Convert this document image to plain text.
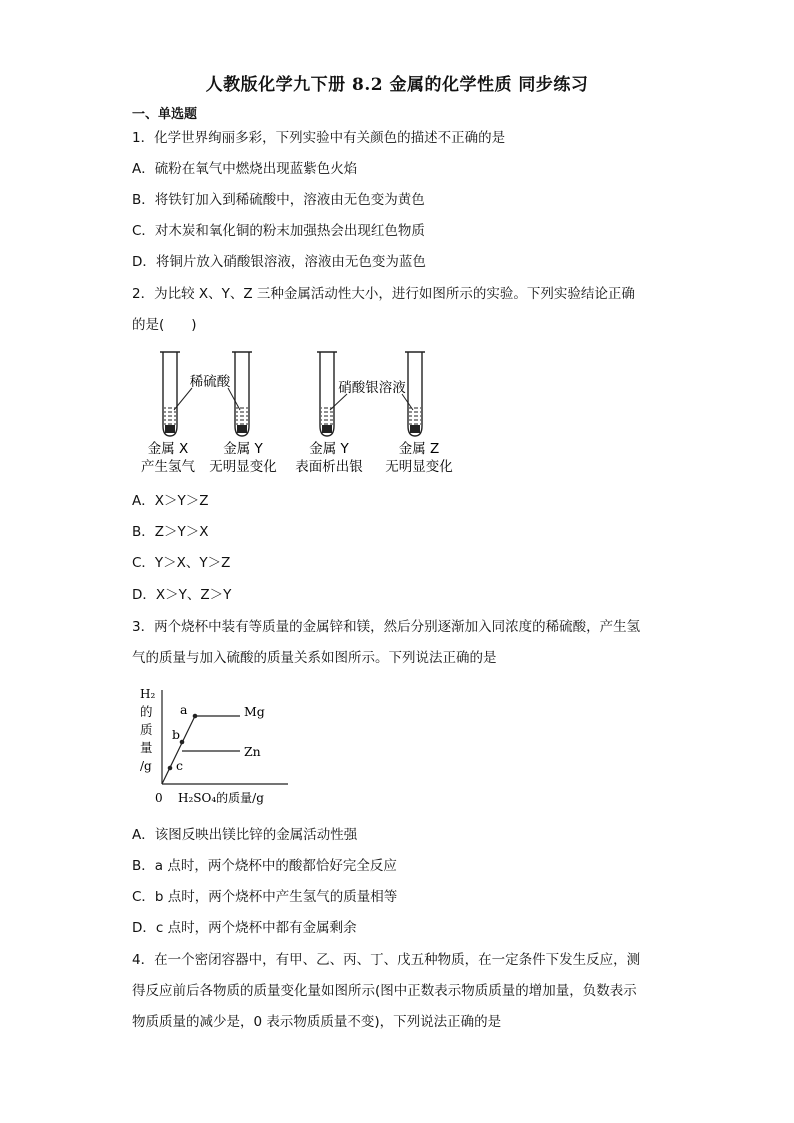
人教版化学九下册 8.2 金属的化学性质 同步练习
一、单选题
1．化学世界绚丽多彩，下列实验中有关颜色的描述不正确的是
A．硫粉在氧气中燃烧出现蓝紫色火焰
B．将铁钉加入到稀硫酸中，溶液由无色变为黄色
C．对木炭和氧化铜的粉末加强热会出现红色物质
D．将铜片放入硝酸银溶液，溶液由无色变为蓝色
2．为比较 X、Y、Z 三种金属活动性大小，进行如图所示的实验。下列实验结论正确
的是(　　)
稀硫酸	硝酸银溶液
金属 X
产生氢气
金属 Y
无明显变化
金属 Y
表面析出银
金属 Z
无明显变化
A．X＞Y＞Z
B．Z＞Y＞X
C．Y＞X、Y＞Z
D．X＞Y、Z＞Y
3．两个烧杯中装有等质量的金属锌和镁，然后分别逐渐加入同浓度的稀硫酸，产生氢
气的质量与加入硫酸的质量关系如图所示。下列说法正确的是
H₂
的
质
量
/g
a
b
c
Mg
Zn
0 H₂SO₄的质量/g
A．该图反映出镁比锌的金属活动性强
B．a 点时，两个烧杯中的酸都恰好完全反应
C．b 点时，两个烧杯中产生氢气的质量相等
D．c 点时，两个烧杯中都有金属剩余
4．在一个密闭容器中，有甲、乙、丙、丁、戊五种物质，在一定条件下发生反应，测
得反应前后各物质的质量变化量如图所示(图中正数表示物质质量的增加量，负数表示
物质质量的减少是，0 表示物质质量不变)，下列说法正确的是
